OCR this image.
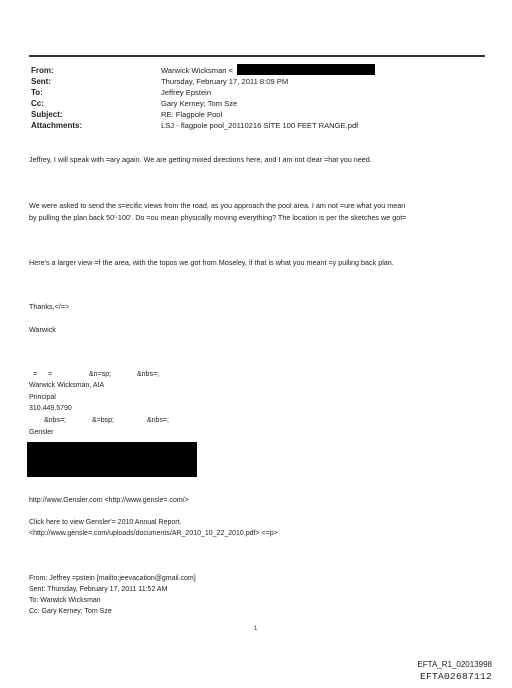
From:	Warwick Wicksman <
Sent:	Thursday, February 17, 2011 8:09 PM
To:	Jeffrey Epstein
Cc:	Gary Kerney; Tom Sze
Subject:	RE: Flagpole Pool
Attachments:	LSJ - flagpole pool_20110216 SITE 100 FEET RANGE.pdf
Jeffrey, I will speak with =ary again. We are getting mixed directions here, and I am not clear =hat you need.
We were asked to send the s=ecific views from the road, as you approach the pool area. I am not =ure what you mean
by pulling the plan back 50'-100'. Do =ou mean physically moving everything? The location is per the sketches we got=
Here's a larger view =f the area, with the topos we got from Moseley, if that is what you meant =y pulling back plan.
Thanks,</=>
Warwick
= =	&n=sp;	&nbs=;
Warwick Wicksman, AIA
Principal
310.449.5790
&nbs=;	&=bsp;	&nbs=;
Gensler
http://www.Gensler.com <http://www.gensle=.com/>
Click here to view Gensler'= 2010 Annual Report.
<http://www.gensle=.com/uploads/documents/AR_2010_10_22_2010.pdf> <=p>
From: Jeffrey =pstein [mailto:jeevacation@gmail.com]
Sent: Thursday, February 17, 2011 11:52 AM
To: Warwick Wicksman
Cc: Gary Kerney; Tom Sze
1
EFTA_R1_02013998
EFTA02687112
